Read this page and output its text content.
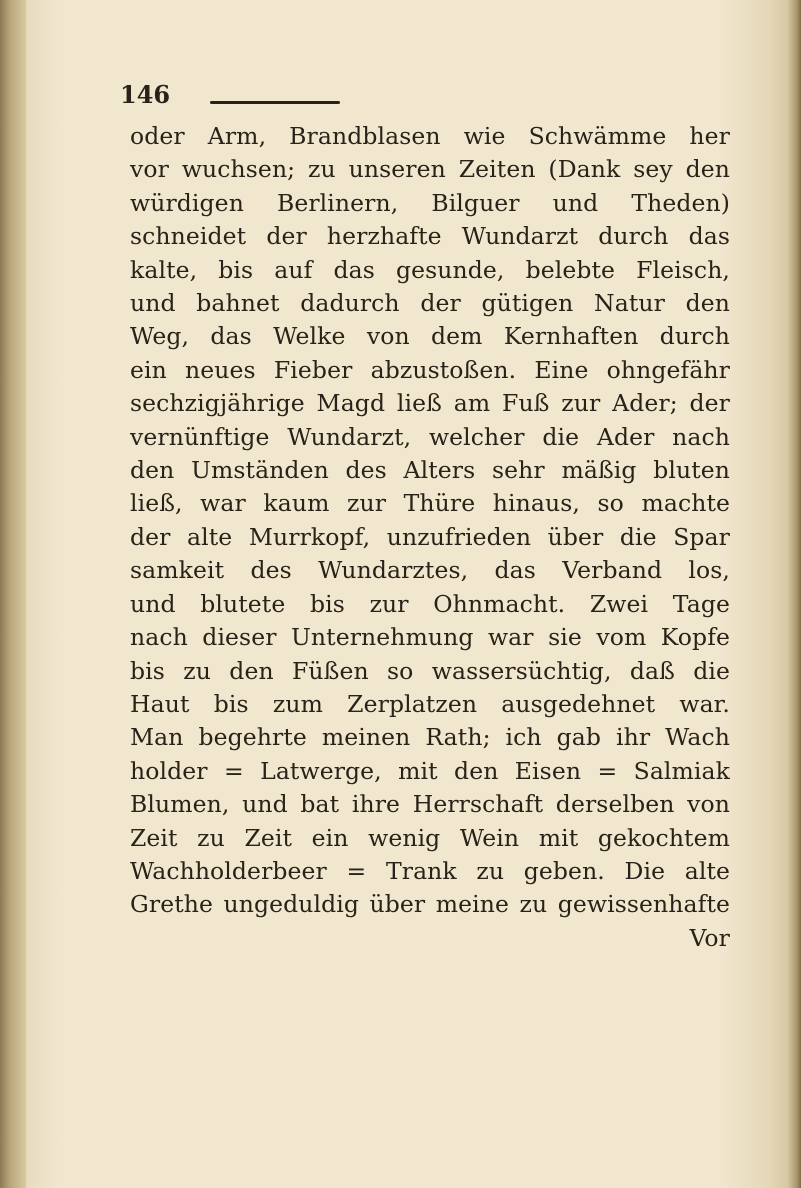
146
oder Arm, Brandblasen wie Schwämme her
vor wuchsen; zu unseren Zeiten (Dank sey den
würdigen Berlinern, Bilguer und Theden)
schneidet der herzhafte Wundarzt durch das
kalte, bis auf das gesunde, belebte Fleisch,
und bahnet dadurch der gütigen Natur den
Weg, das Welke von dem Kernhaften durch
ein neues Fieber abzustoßen. Eine ohngefähr
sechzigjährige Magd ließ am Fuß zur Ader; der
vernünftige Wundarzt, welcher die Ader nach
den Umständen des Alters sehr mäßig bluten
ließ, war kaum zur Thüre hinaus, so machte
der alte Murrkopf, unzufrieden über die Spar
samkeit des Wundarztes, das Verband los,
und blutete bis zur Ohnmacht. Zwei Tage
nach dieser Unternehmung war sie vom Kopfe
bis zu den Füßen so wassersüchtig, daß die
Haut bis zum Zerplatzen ausgedehnet war.
Man begehrte meinen Rath; ich gab ihr Wach
holder = Latwerge, mit den Eisen = Salmiak
Blumen, und bat ihre Herrschaft derselben von
Zeit zu Zeit ein wenig Wein mit gekochtem
Wachholderbeer = Trank zu geben. Die alte
Grethe ungeduldig über meine zu gewissenhafte
Vor
